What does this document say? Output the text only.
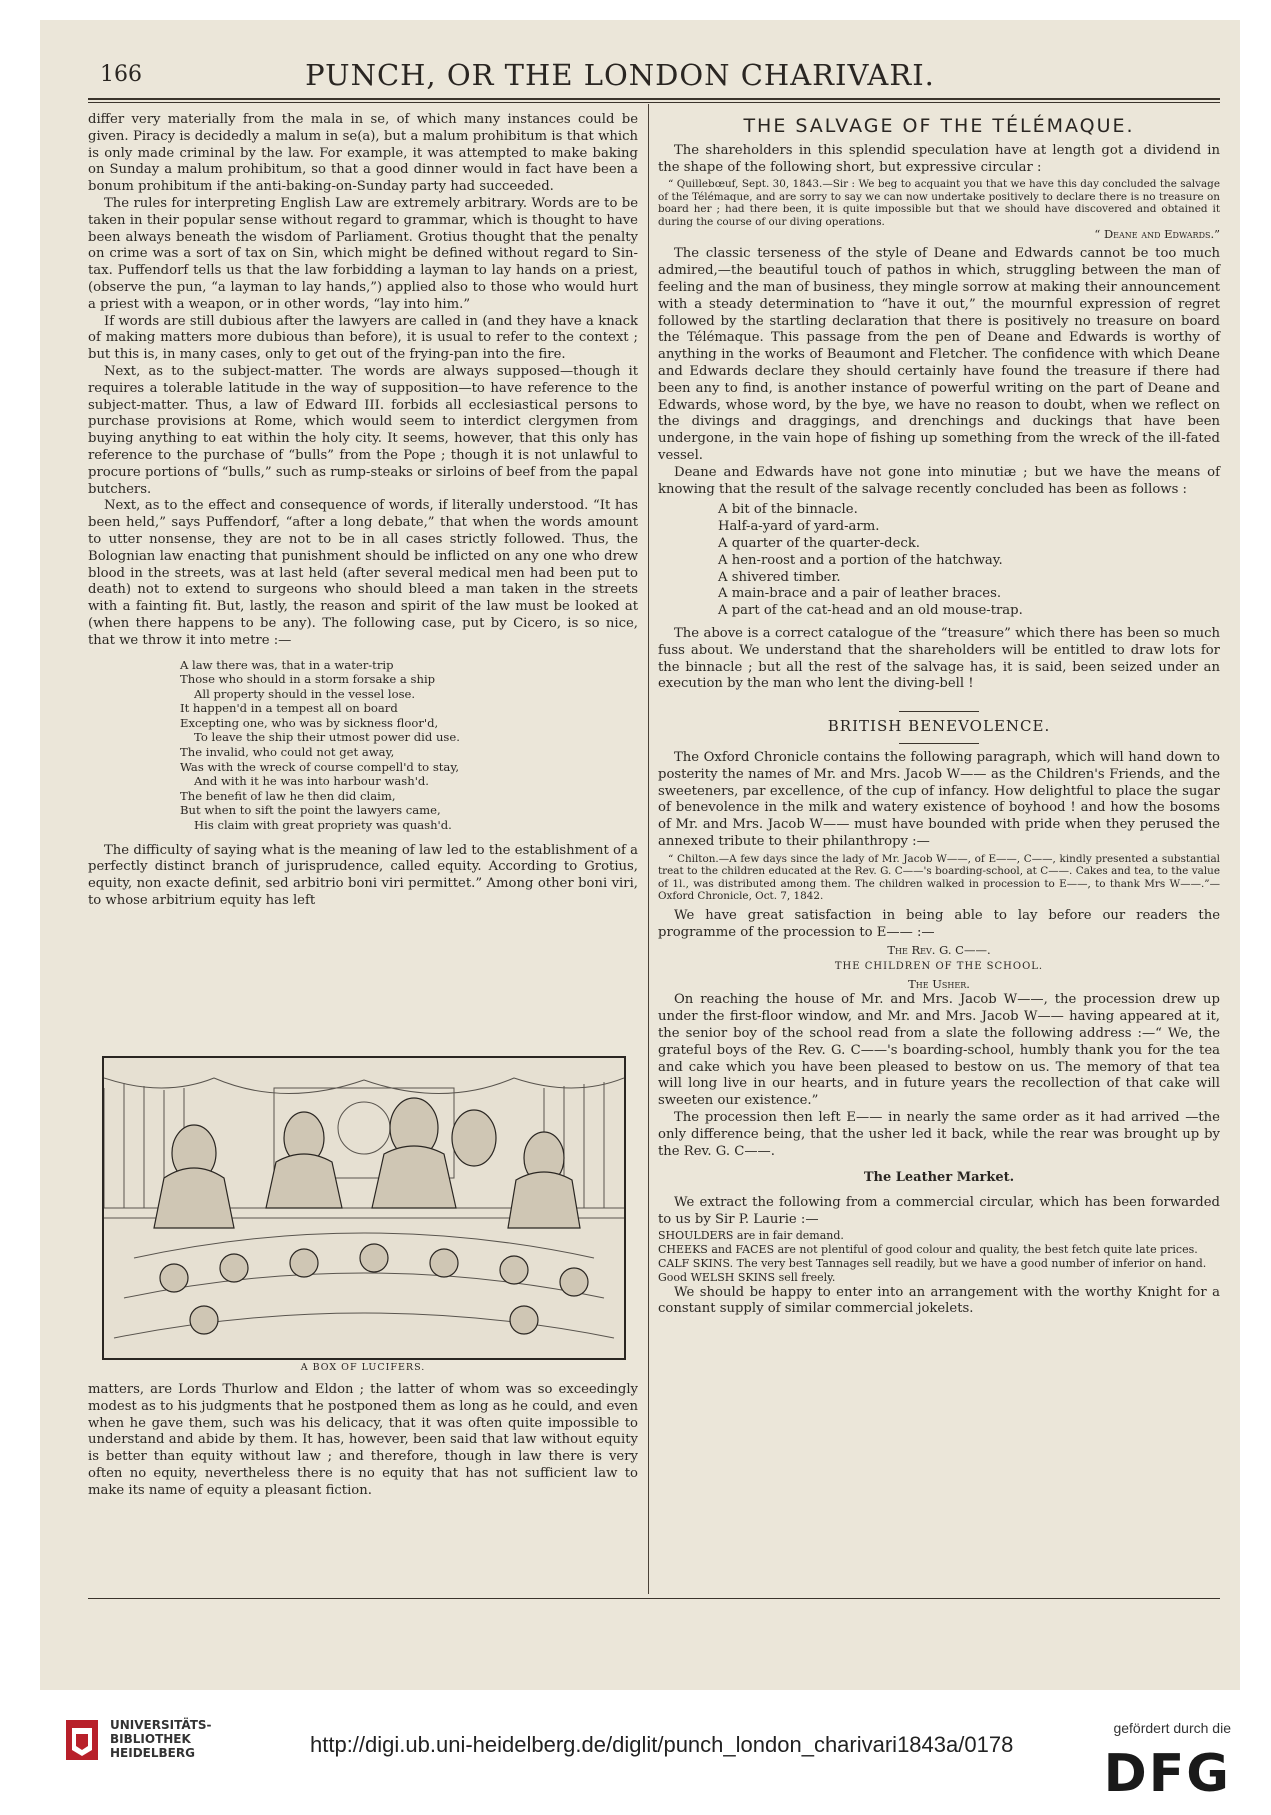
166	PUNCH, OR THE LONDON CHARIVARI.

differ very materially from the mala in se, of which many instances could be given. Piracy is decidedly a malum in se(a), but a malum prohibitum is that which is only made criminal by the law. For example, it was attempted to make baking on Sunday a malum prohibitum, so that a good dinner would in fact have been a bonum prohibitum if the anti-baking-on-Sunday party had succeeded.

The rules for interpreting English Law are extremely arbitrary. Words are to be taken in their popular sense without regard to grammar, which is thought to have been always beneath the wisdom of Parliament. Grotius thought that the penalty on crime was a sort of tax on Sin, which might be defined without regard to Sin-tax. Puffendorf tells us that the law forbidding a layman to lay hands on a priest, (observe the pun, “a layman to lay hands,”) applied also to those who would hurt a priest with a weapon, or in other words, “lay into him.”

If words are still dubious after the lawyers are called in (and they have a knack of making matters more dubious than before), it is usual to refer to the context ; but this is, in many cases, only to get out of the frying-pan into the fire.

Next, as to the subject-matter. The words are always supposed—though it requires a tolerable latitude in the way of supposition—to have reference to the subject-matter. Thus, a law of Edward III. forbids all ecclesiastical persons to purchase provisions at Rome, which would seem to interdict clergymen from buying anything to eat within the holy city. It seems, however, that this only has reference to the purchase of “bulls” from the Pope ; though it is not unlawful to procure portions of “bulls,” such as rump-steaks or sirloins of beef from the papal butchers.

Next, as to the effect and consequence of words, if literally understood. “It has been held,” says Puffendorf, “after a long debate,” that when the words amount to utter nonsense, they are not to be in all cases strictly followed. Thus, the Bolognian law enacting that punishment should be inflicted on any one who drew blood in the streets, was at last held (after several medical men had been put to death) not to extend to surgeons who should bleed a man taken in the streets with a fainting fit. But, lastly, the reason and spirit of the law must be looked at (when there happens to be any). The following case, put by Cicero, is so nice, that we throw it into metre :—

A law there was, that in a water-trip
Those who should in a storm forsake a ship
All property should in the vessel lose.
It happen'd in a tempest all on board
Excepting one, who was by sickness floor'd,
To leave the ship their utmost power did use.
The invalid, who could not get away,
Was with the wreck of course compell'd to stay,
And with it he was into harbour wash'd.
The benefit of law he then did claim,
But when to sift the point the lawyers came,
His claim with great propriety was quash'd.

The difficulty of saying what is the meaning of law led to the establishment of a perfectly distinct branch of jurisprudence, called equity. According to Grotius, equity, non exacte definit, sed arbitrio boni viri permittet.” Among other boni viri, to whose arbitrium equity has left

A BOX OF LUCIFERS.

matters, are Lords Thurlow and Eldon ; the latter of whom was so exceedingly modest as to his judgments that he postponed them as long as he could, and even when he gave them, such was his delicacy, that it was often quite impossible to understand and abide by them. It has, however, been said that law without equity is better than equity without law ; and therefore, though in law there is very often no equity, nevertheless there is no equity that has not sufficient law to make its name of equity a pleasant fiction.

THE SALVAGE OF THE TÉLÉMAQUE.

The shareholders in this splendid speculation have at length got a dividend in the shape of the following short, but expressive circular :

“ Quillebœuf, Sept. 30, 1843.—Sir : We beg to acquaint you that we have this day concluded the salvage of the Télémaque, and are sorry to say we can now undertake positively to declare there is no treasure on board her ; had there been, it is quite impossible but that we should have discovered and obtained it during the course of our diving operations.

“ Deane and Edwards.”

The classic terseness of the style of Deane and Edwards cannot be too much admired,—the beautiful touch of pathos in which, struggling between the man of feeling and the man of business, they mingle sorrow at making their announcement with a steady determination to “have it out,” the mournful expression of regret followed by the startling declaration that there is positively no treasure on board the Télémaque. This passage from the pen of Deane and Edwards is worthy of anything in the works of Beaumont and Fletcher. The confidence with which Deane and Edwards declare they should certainly have found the treasure if there had been any to find, is another instance of powerful writing on the part of Deane and Edwards, whose word, by the bye, we have no reason to doubt, when we reflect on the divings and draggings, and drenchings and duckings that have been undergone, in the vain hope of fishing up something from the wreck of the ill-fated vessel.

Deane and Edwards have not gone into minutiæ ; but we have the means of knowing that the result of the salvage recently concluded has been as follows :

A bit of the binnacle.
Half-a-yard of yard-arm.
A quarter of the quarter-deck.
A hen-roost and a portion of the hatchway.
A shivered timber.
A main-brace and a pair of leather braces.
A part of the cat-head and an old mouse-trap.

The above is a correct catalogue of the “treasure” which there has been so much fuss about. We understand that the shareholders will be entitled to draw lots for the binnacle ; but all the rest of the salvage has, it is said, been seized under an execution by the man who lent the diving-bell !

BRITISH BENEVOLENCE.

The Oxford Chronicle contains the following paragraph, which will hand down to posterity the names of Mr. and Mrs. Jacob W—— as the Children's Friends, and the sweeteners, par excellence, of the cup of infancy. How delightful to place the sugar of benevolence in the milk and watery existence of boyhood ! and how the bosoms of Mr. and Mrs. Jacob W—— must have bounded with pride when they perused the annexed tribute to their philanthropy :—

“ Chilton.—A few days since the lady of Mr. Jacob W——, of E——, C——, kindly presented a substantial treat to the children educated at the Rev. G. C——'s boarding-school, at C——. Cakes and tea, to the value of 1l., was distributed among them. The children walked in procession to E——, to thank Mrs W——.”—Oxford Chronicle, Oct. 7, 1842.

We have great satisfaction in being able to lay before our readers the programme of the procession to E—— :—

The Rev. G. C——.

THE CHILDREN OF THE SCHOOL.

The Usher.

On reaching the house of Mr. and Mrs. Jacob W——, the procession drew up under the first-floor window, and Mr. and Mrs. Jacob W—— having appeared at it, the senior boy of the school read from a slate the following address :—“ We, the grateful boys of the Rev. G. C——'s boarding-school, humbly thank you for the tea and cake which you have been pleased to bestow on us. The memory of that tea will long live in our hearts, and in future years the recollection of that cake will sweeten our existence.”

The procession then left E—— in nearly the same order as it had arrived —the only difference being, that the usher led it back, while the rear was brought up by the Rev. G. C——.

The Leather Market.

We extract the following from a commercial circular, which has been forwarded to us by Sir P. Laurie :—

SHOULDERS are in fair demand.
CHEEKS and FACES are not plentiful of good colour and quality, the best fetch quite late prices.
CALF SKINS. The very best Tannages sell readily, but we have a good number of inferior on hand.
Good WELSH SKINS sell freely.

We should be happy to enter into an arrangement with the worthy Knight for a constant supply of similar commercial jokelets.

UNIVERSITÄTS-
BIBLIOTHEK
HEIDELBERG	http://digi.ub.uni-heidelberg.de/diglit/punch_london_charivari1843a/0178
gefördert durch die
DFG
